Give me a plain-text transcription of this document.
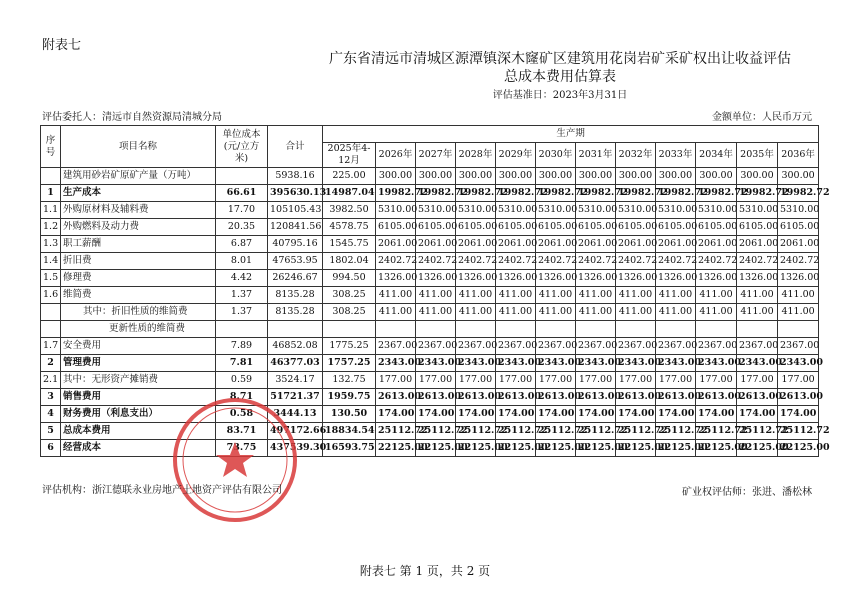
附表七
广东省清远市清城区源潭镇深木窿矿区建筑用花岗岩矿采矿权出让收益评估
总成本费用估算表
评估基准日：2023年3月31日
评估委托人：清远市自然资源局清城分局	金额单位：人民币万元
序号	项目名称	单位成本(元/立方米)	合计	生产期											
				2025年4-12月	2026年	2027年	2028年	2029年	2030年	2031年	2032年	2033年	2034年	2035年	2036年
	建筑用砂岩矿原矿产量（万吨）		5938.16	225.00	300.00	300.00	300.00	300.00	300.00	300.00	300.00	300.00	300.00	300.00	300.00
1	生产成本	66.61	395630.13	14987.04	19982.72	19982.72	19982.72	19982.72	19982.72	19982.72	19982.72	19982.72	19982.72	19982.72	19982.72
1.1	外购原材料及辅料费	17.70	105105.43	3982.50	5310.00	5310.00	5310.00	5310.00	5310.00	5310.00	5310.00	5310.00	5310.00	5310.00	5310.00
1.2	外购燃料及动力费	20.35	120841.56	4578.75	6105.00	6105.00	6105.00	6105.00	6105.00	6105.00	6105.00	6105.00	6105.00	6105.00	6105.00
1.3	职工薪酬	6.87	40795.16	1545.75	2061.00	2061.00	2061.00	2061.00	2061.00	2061.00	2061.00	2061.00	2061.00	2061.00	2061.00
1.4	折旧费	8.01	47653.95	1802.04	2402.72	2402.72	2402.72	2402.72	2402.72	2402.72	2402.72	2402.72	2402.72	2402.72	2402.72
1.5	修理费	4.42	26246.67	994.50	1326.00	1326.00	1326.00	1326.00	1326.00	1326.00	1326.00	1326.00	1326.00	1326.00	1326.00
1.6	维简费	1.37	8135.28	308.25	411.00	411.00	411.00	411.00	411.00	411.00	411.00	411.00	411.00	411.00	411.00
	其中：折旧性质的维简费	1.37	8135.28	308.25	411.00	411.00	411.00	411.00	411.00	411.00	411.00	411.00	411.00	411.00	411.00
	更新性质的维简费														
1.7	安全费用	7.89	46852.08	1775.25	2367.00	2367.00	2367.00	2367.00	2367.00	2367.00	2367.00	2367.00	2367.00	2367.00	2367.00
2	管理费用	7.81	46377.03	1757.25	2343.00	2343.00	2343.00	2343.00	2343.00	2343.00	2343.00	2343.00	2343.00	2343.00	2343.00
2.1	其中：无形资产摊销费	0.59	3524.17	132.75	177.00	177.00	177.00	177.00	177.00	177.00	177.00	177.00	177.00	177.00	177.00
3	销售费用	8.71	51721.37	1959.75	2613.00	2613.00	2613.00	2613.00	2613.00	2613.00	2613.00	2613.00	2613.00	2613.00	2613.00
4	财务费用（利息支出）	0.58	3444.13	130.50	174.00	174.00	174.00	174.00	174.00	174.00	174.00	174.00	174.00	174.00	174.00
5	总成本费用	83.71	497172.66	18834.54	25112.72	25112.72	25112.72	25112.72	25112.72	25112.72	25112.72	25112.72	25112.72	25112.72	25112.72
6	经营成本	73.75	437539.30	16593.75	22125.00	22125.00	22125.00	22125.00	22125.00	22125.00	22125.00	22125.00	22125.00	22125.00	22125.00
评估机构：浙江德联永业房地产土地资产评估有限公司	矿业权评估师：张进、潘松林
附表七 第 1 页，共 2 页
